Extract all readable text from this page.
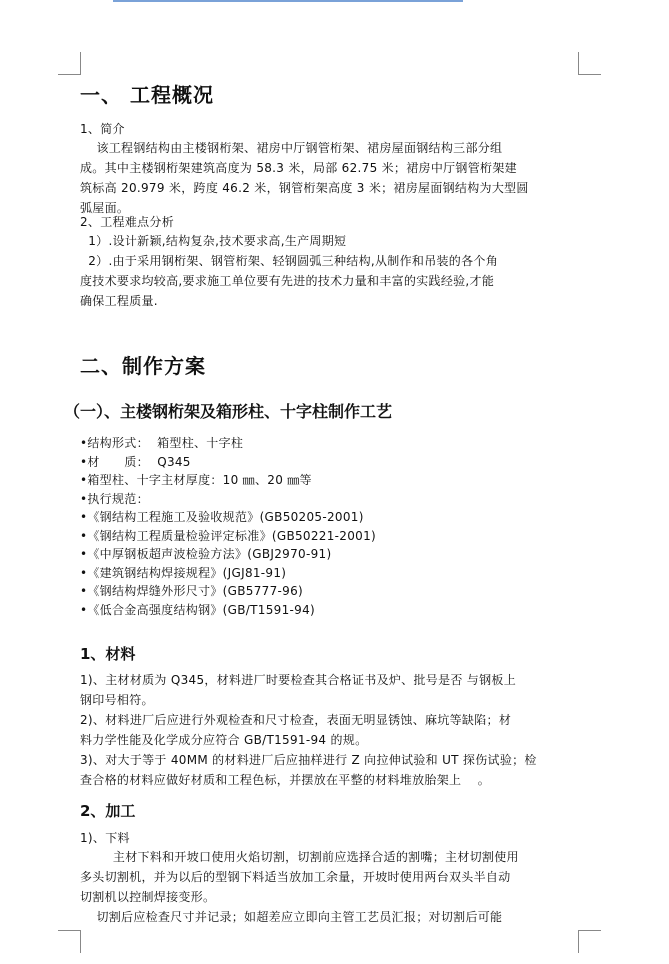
一、 工程概况
1、简介
该工程钢结构由主楼钢桁架、裙房中厅钢管桁架、裙房屋面钢结构三部分组
成。其中主楼钢桁架建筑高度为 58.3 米，局部 62.75 米；裙房中厅钢管桁架建
筑标高 20.979 米，跨度 46.2 米，钢管桁架高度 3 米；裙房屋面钢结构为大型圆
弧屋面。
2、工程难点分析
1）.设计新颖,结构复杂,技术要求高,生产周期短
2）.由于采用钢桁架、钢管桁架、轻钢圆弧三种结构,从制作和吊装的各个角
度技术要求均较高,要求施工单位要有先进的技术力量和丰富的实践经验,才能
确保工程质量.
二、制作方案
（一）、主楼钢桁架及箱形柱、十字柱制作工艺
•结构形式：  箱型柱、十字柱
•材      质：  Q345
•箱型柱、十字主材厚度：10 ㎜、20 ㎜等
•执行规范：
•《钢结构工程施工及验收规范》(GB50205-2001)
•《钢结构工程质量检验评定标准》(GB50221-2001)
•《中厚钢板超声波检验方法》(GBJ2970-91)
•《建筑钢结构焊接规程》(JGJ81-91)
•《钢结构焊缝外形尺寸》(GB5777-96)
•《低合金高强度结构钢》(GB/T1591-94)
1、材料
1)、主材材质为 Q345，材料进厂时要检查其合格证书及炉、批号是否 与钢板上
钢印号相符。
2)、材料进厂后应进行外观检查和尺寸检查，表面无明显锈蚀、麻坑等缺陷；材
料力学性能及化学成分应符合 GB/T1591-94 的规。
3)、对大于等于 40MM 的材料进厂后应抽样进行 Z 向拉伸试验和 UT 探伤试验；检
查合格的材料应做好材质和工程色标，并摆放在平整的材料堆放胎架上    。
2、加工
1)、下料
主材下料和开坡口使用火焰切割，切割前应选择合适的割嘴；主材切割使用
多头切割机，并为以后的型钢下料适当放加工余量，开坡时使用两台双头半自动
切割机以控制焊接变形。
切割后应检查尺寸并记录；如超差应立即向主管工艺员汇报；对切割后可能
